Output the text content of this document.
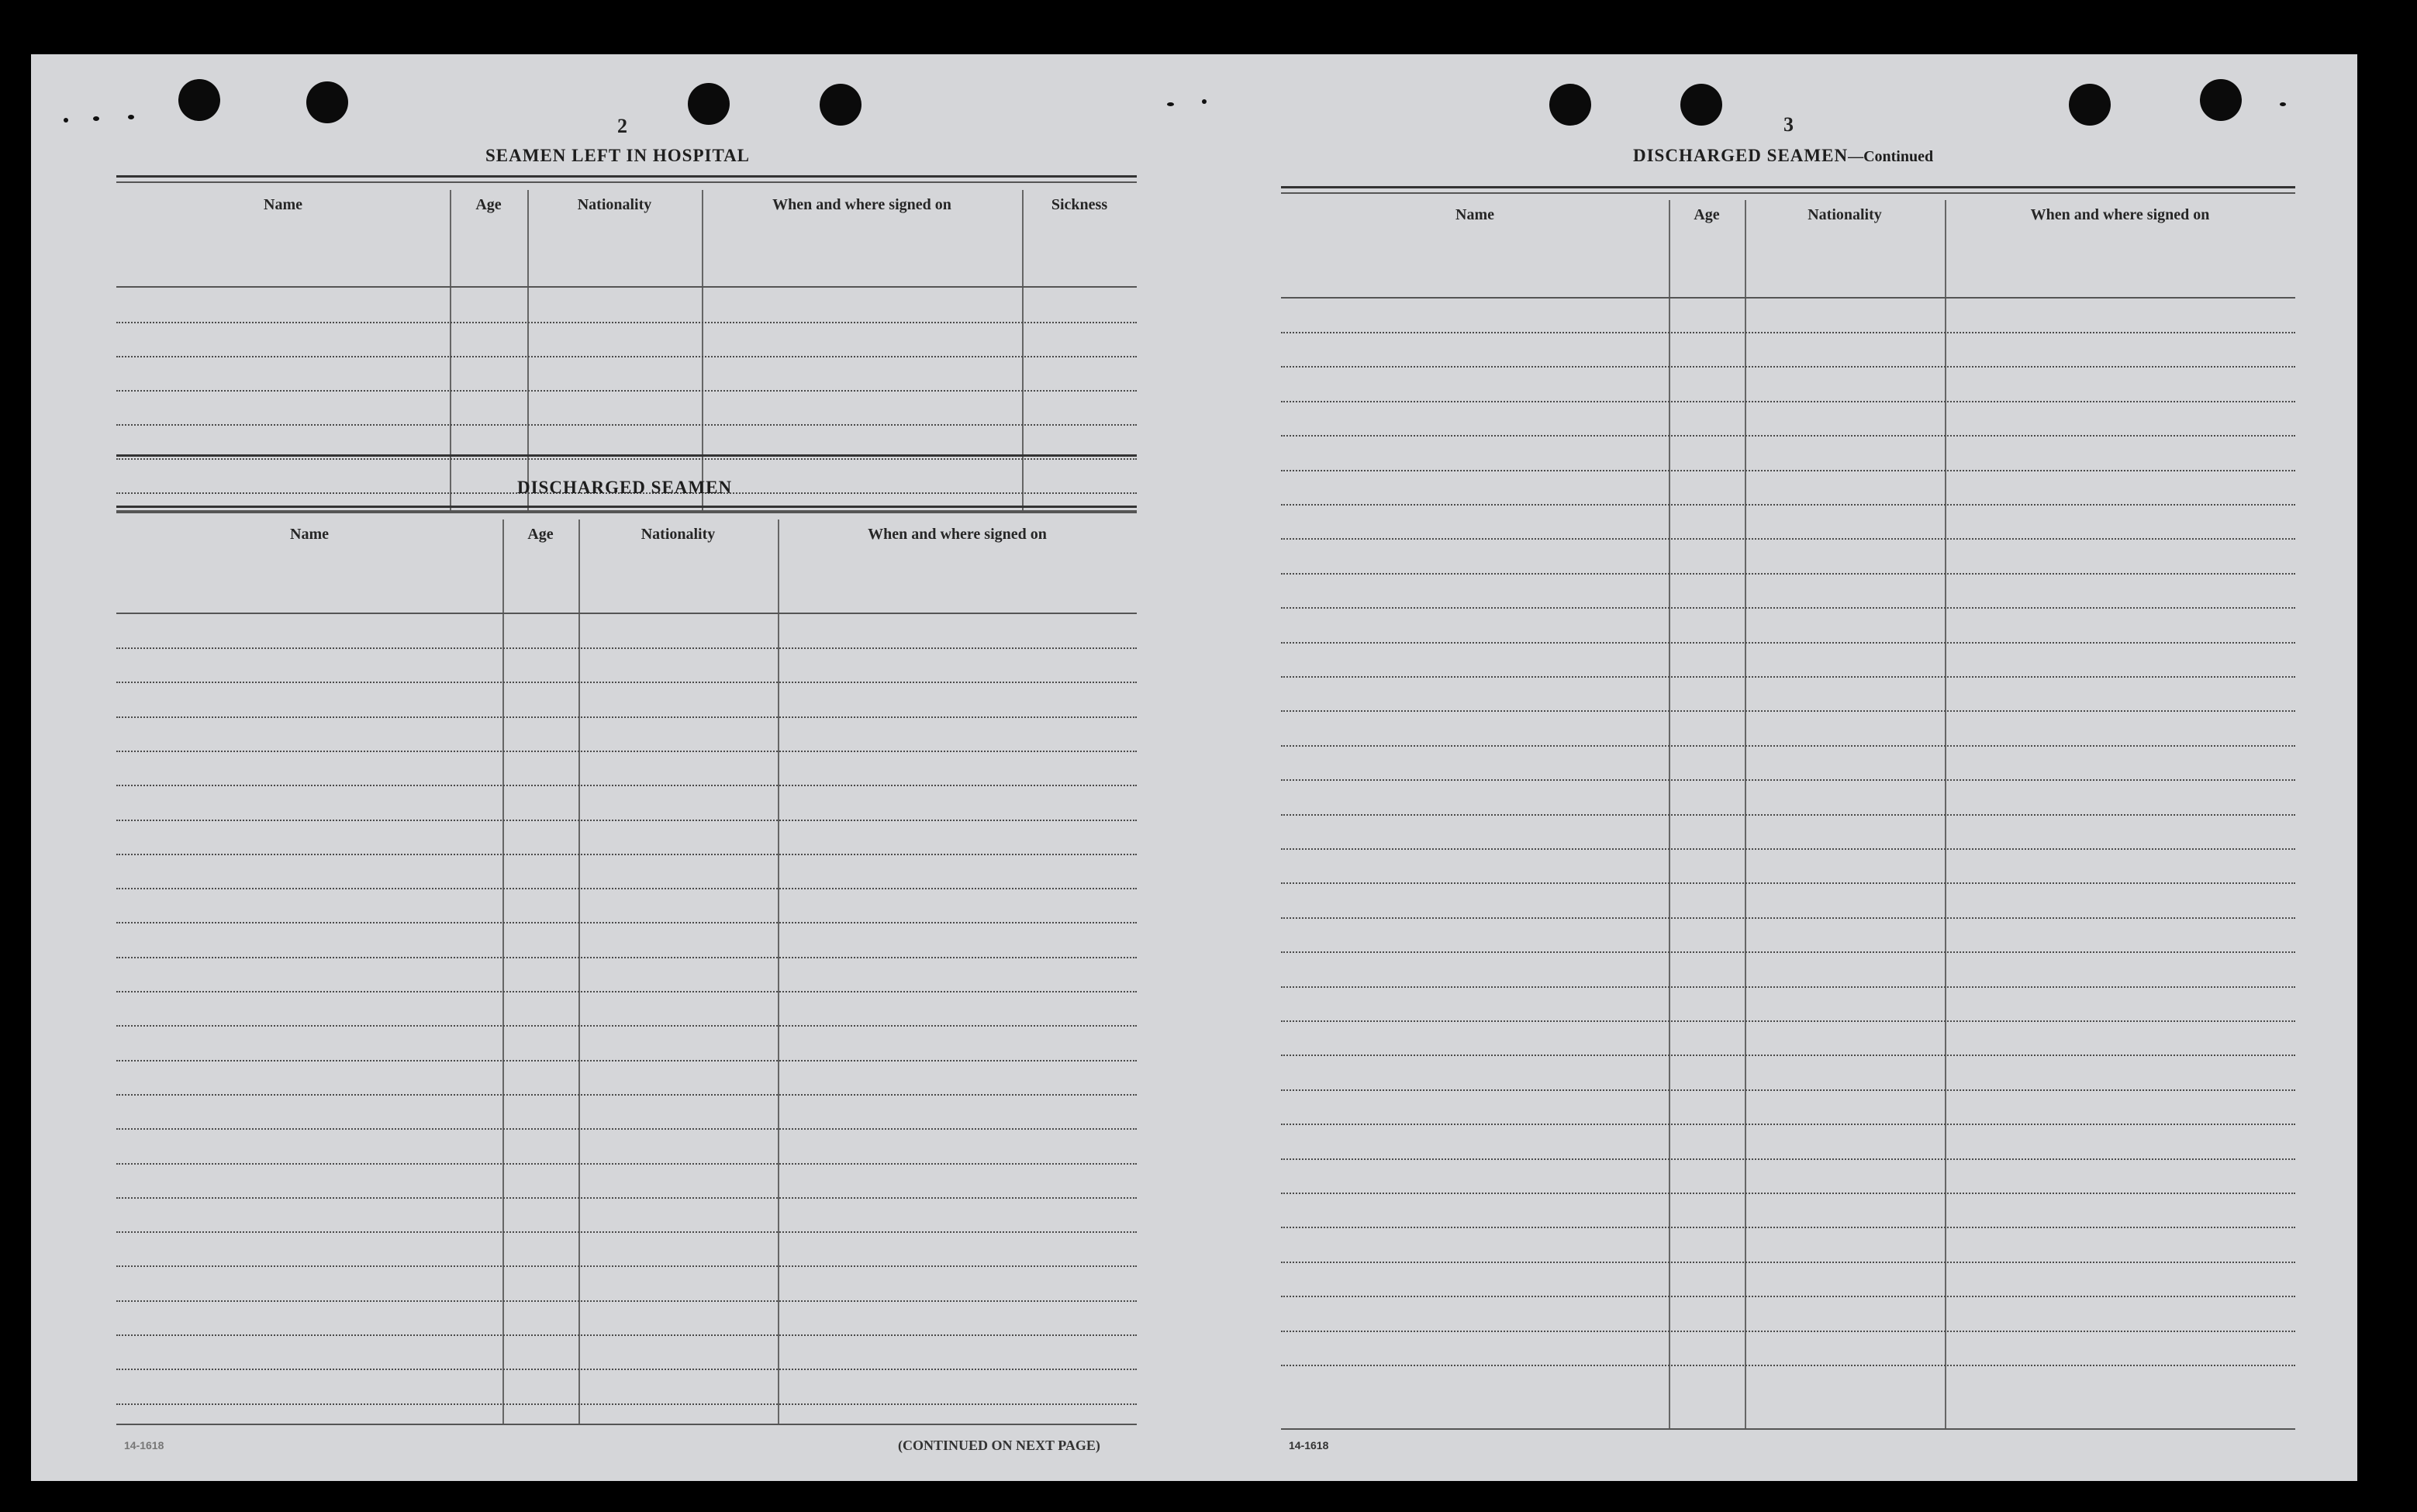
2
SEAMEN LEFT IN HOSPITAL
Name	Age	Nationality	When and where signed on	Sickness
DISCHARGED SEAMEN
Name	Age	Nationality	When and where signed on
14-1618	(CONTINUED ON NEXT PAGE)
3
DISCHARGED SEAMEN—Continued
Name	Age	Nationality	When and where signed on
14-1618
